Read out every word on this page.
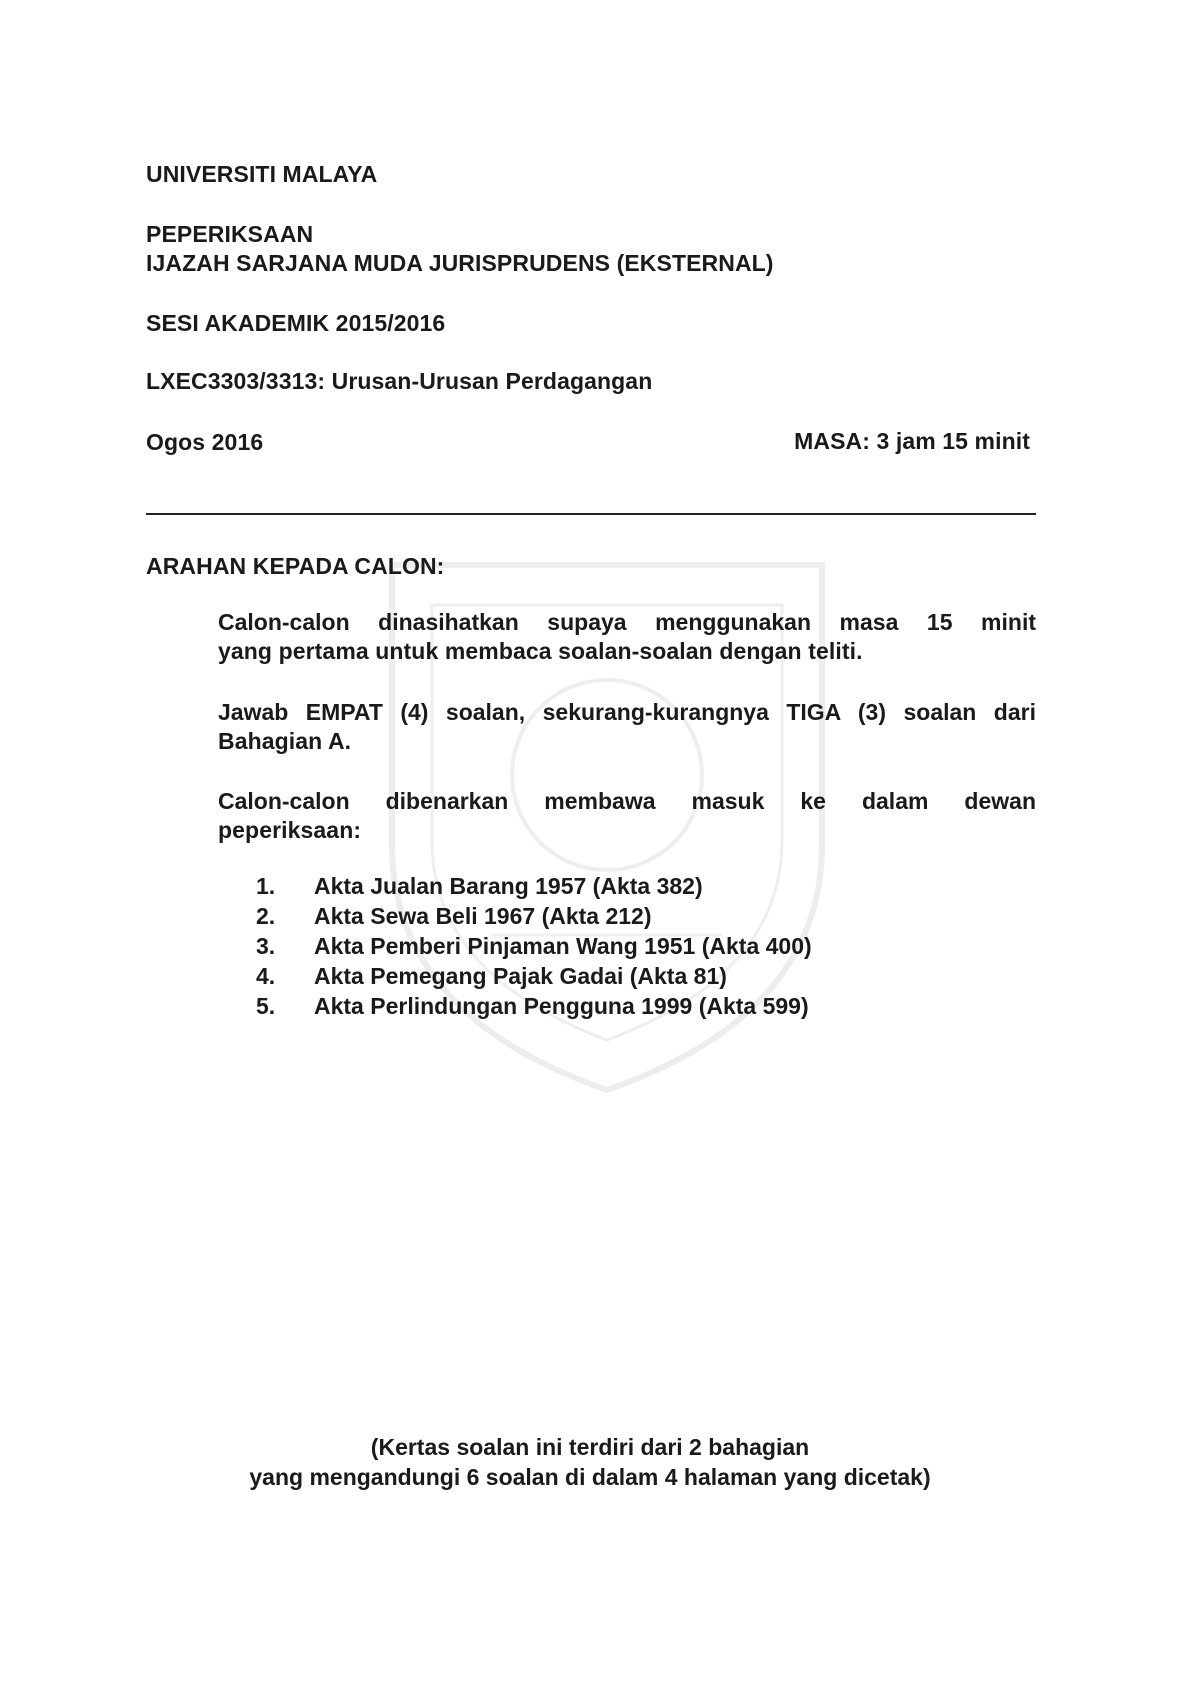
UNIVERSITI MALAYA
PEPERIKSAAN
IJAZAH SARJANA MUDA JURISPRUDENS (EKSTERNAL)
SESI AKADEMIK 2015/2016
LXEC3303/3313: Urusan-Urusan Perdagangan
Ogos 2016	MASA: 3 jam 15 minit
ARAHAN KEPADA CALON:
Calon-calon dinasihatkan supaya menggunakan masa 15 minit
yang pertama untuk membaca soalan-soalan dengan teliti.
Jawab EMPAT (4) soalan, sekurang-kurangnya TIGA (3) soalan dari
Bahagian A.
Calon-calon dibenarkan membawa masuk ke dalam dewan
peperiksaan:
1. Akta Jualan Barang 1957 (Akta 382)
2. Akta Sewa Beli 1967 (Akta 212)
3. Akta Pemberi Pinjaman Wang 1951 (Akta 400)
4. Akta Pemegang Pajak Gadai (Akta 81)
5. Akta Perlindungan Pengguna 1999 (Akta 599)
(Kertas soalan ini terdiri dari 2 bahagian
yang mengandungi 6 soalan di dalam 4 halaman yang dicetak)
